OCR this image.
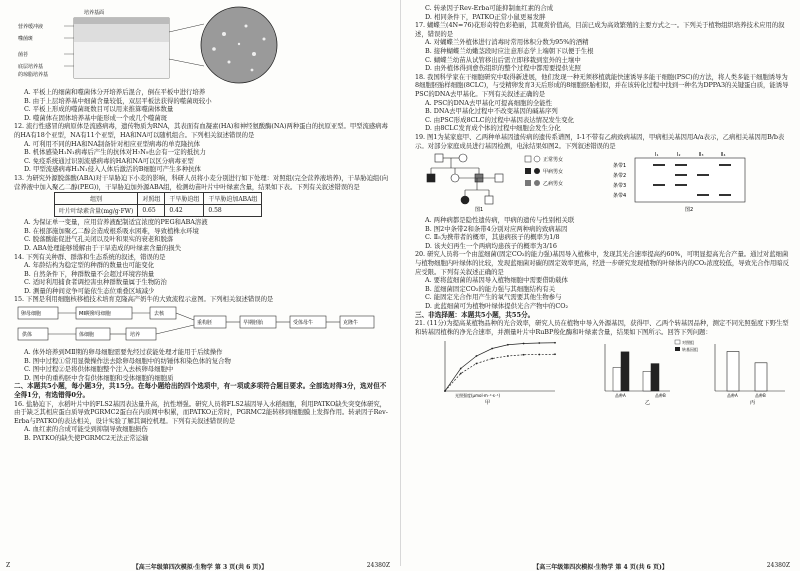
培养基面
营养缓冲液
噬菌斑
菌苔
底层培养基
的琼脂培养基
A. 平板上的细菌和噬菌体分开培养后混合，倒在平板中进行培养
B. 由于上层培养基中细菌含量较低，双层平板法获得的噬菌斑较小
C. 平板上形成的噬菌斑数目可以用来推算噬菌体数量
D. 噬菌体在固体培养基中能形成一个或几个噬菌斑
12. 流行性感冒的病原体是流感病毒，遗传物质为RNA，其表面有血凝素(HA)和神经氨酸酶(NA)两种蛋白的抗原亚型。甲型流感病毒的HA有18个亚型，NA有11个亚型，HA和NA可以随机组合。下列相关叙述错误的是
A. 可利用不同的HA和NA制备针对相应亚型病毒的单克隆抗体
B. 机体感染H₁N₁病毒后产生的抗体对H₇N₉也会有一定的抵抗力
C. 免疫系统通过识别流感病毒的HA和NA可以区分病毒亚型
D. 甲型流感病毒H₁N₁侵入人体后激活的B细胞可产生多种抗体
13. 为研究外源脱落酸(ABA)对干旱胁迫下小麦的影响，科研人员将小麦分别进行如下处理：对照组(完全营养液培养)，干旱胁迫组(向营养液中加入聚乙二醇(PEG))，干旱胁迫加外源ABA组，检测幼苗叶片中叶绿素含量，结果如下表。下列有关叙述错误的是
组别	对照组	干旱胁迫组	干旱胁迫加ABA组
叶片叶绿素含量(mg/g·FW)	0.65	0.42	0.58
A. 为保证单一变量，应用营养液配制适宜浓度的PEG和ABA溶液
B. 在根部施加聚乙二醇会造成根系吸水困难，导致植株水环境
C. 脱落酸能促进气孔关闭以及叶和果实的衰老和脱落
D. ABA处理能够缓解由于干旱造成的叶绿素含量的损失
14. 下列有关种群、群落和生态系统的叙述，错误的是
A. 年龄结构为稳定型的种群的数量也可能变化
B. 自然条件下，种群数量不会超过环境容纳量
C. 适时利用捕食者调控害虫种群数量属于生物防治
D. 测量的种间竞争可能依生态位重叠区域减少
15. 下图是利用细胞核移植技术培育克隆高产奶牛的大致流程示意图。下列相关叙述错误的是
卵母细胞	MⅡ期卵母细胞	去核
重构胚	早期胚胎	受体母牛	克隆牛
体细胞
供体	培养
A. 体外培养到MⅡ期的卵母细胞需要先经过获能处理才能用于后续操作
B. 图中过程①常用显微操作法去除卵母细胞中的纺锤体和染色体的复合物
C. 图中过程②是将供体细胞整个注入去核卵母细胞中
D. 图中的重构胚中含有供体细胞和受体细胞的细胞质
二、本题共5小题，每小题3分，共15分。在每小题给出的四个选项中，有一项或多项符合题目要求。全部选对得3分，选对但不全得1分，有选错得0分。
16. 盐胁迫下，水稻叶片中的FLS2基因表达量升高，抗性增强。研究人员将FLS2基因导入水稻细胞，利用PATKO缺失突变体研究，由于缺乏其相应蛋白质导致PGRMC2蛋白在内质网中积累，而PATKO正常时，PGRMC2能转移到细胞膜上发挥作用。转录因子Rev-Erba与PATKO的表达相关，设计实验了解其调控机理。下列有关叙述错误的是
A. 血红素的合成可能受到抑制导致细胞损伤
B. PATKO的缺失使PGRMC2无法正常运输
Z	【高三年级第四次模拟·生物学 第 3 页(共 6 页)】	24380Z
C. 转录因子Rev-Erba可能抑制血红素的合成
D. 相同条件下，PATKO正常小鼠更易发胖
17. 蝴蝶兰(4N=76)花形奇特色彩艳丽，其观赏价值高，目前已成为高效繁殖的主要方式之一。下列关于植物组织培养技术应用的叙述，错误的是
A. 对蝴蝶兰外植体进行消毒时常用体积分数为95%的酒精
B. 接种蝴蝶兰幼嫩茎段时应注意形态学上端朝下以便于生根
C. 蝴蝶兰幼苗从试管移出后需立即移栽到室外的土壤中
D. 由外植体得到愈伤组织的整个过程中都需要提供光照
18. 我国科学家在干细胞研究中取得新进展，他们发现一种无须移植就能快速诱导多能干细胞(PSC)的方法，将人类多能干细胞诱导为8细胞胚胎样细胞(8CLC)，与受精卵发育3天后形成的8细胞胚胎相似，并在该转化过程中找到一种名为DPPA3的关键蛋白质，能诱导PSC的DNA去甲基化。下列有关叙述正确的是
A. PSC的DNA去甲基化可提高细胞的全能性
B. DNA去甲基化过程中不改变基因的碱基序列
C. 由PSC形成8CLC的过程中基因表达情况发生变化
D. 由8CLC发育成个体的过程中细胞会发生分化
19. 图1为某家庭甲、乙两种单基因遗传病的遗传系谱图，Ⅰ-1不带有乙病致病基因，甲病相关基因用A/a表示，乙病相关基因用B/b表示。对部分家庭成员进行基因检测，电泳结果如图2。下列叙述错误的是
正常男女
甲病男女
乙病男女
图1
Ⅰ₁	Ⅰ₂	Ⅱ₃	Ⅱ₄
条带1
条带2
条带3
条带4
图2
A. 两种病都是隐性遗传病，甲病的遗传与性别相关联
B. 图2中条带2和条带4分别对应两种病的致病基因
C. Ⅱ₅为携带者的概率，其患病孩子的概率为1/8
D. 该夫妇再生一个两病均患孩子的概率为3/16
20. 研究人员将一个由蓝细菌(固定CO₂的能力强)基因导入植株中，发现其光合速率提高约60%，可明显提高光合产量。通过对蓝细菌与植物细胞内叶绿体的比较，发现蓝细菌对碳的固定效率更高，经进一步研究发现植物的叶绿体内的CO₂浓度较低，导致光合作用暗反应受限。下列有关叙述正确的是
A. 要将蓝细菌的基因导入植物细胞中需要借助载体
B. 蓝细菌固定CO₂的能力强与其细胞结构有关
C. 能固定光合作用产生的氧气需要其他生物参与
D. 此蓝细菌可为植物叶绿体提供光合产物中的CO₂
三、非选择题：本题共5小题，共55分。
21. (11分)为提高某植物品种的光合效率，研究人员在植物中导入外源基因，获得甲、乙两个转基因品种，测定不同光照强度下野生型和转基因植株的净光合速率，并测量叶片中RuBP羧化酶和叶绿素含量，结果如下图所示。回答下列问题：
甲	乙	丙
光照强度(μmol·m⁻²·s⁻¹)	品种A	品种B
对照组
转基因组
品种A	品种B
【高三年级第四次模拟·生物学 第 4 页(共 6 页)】	24380Z
